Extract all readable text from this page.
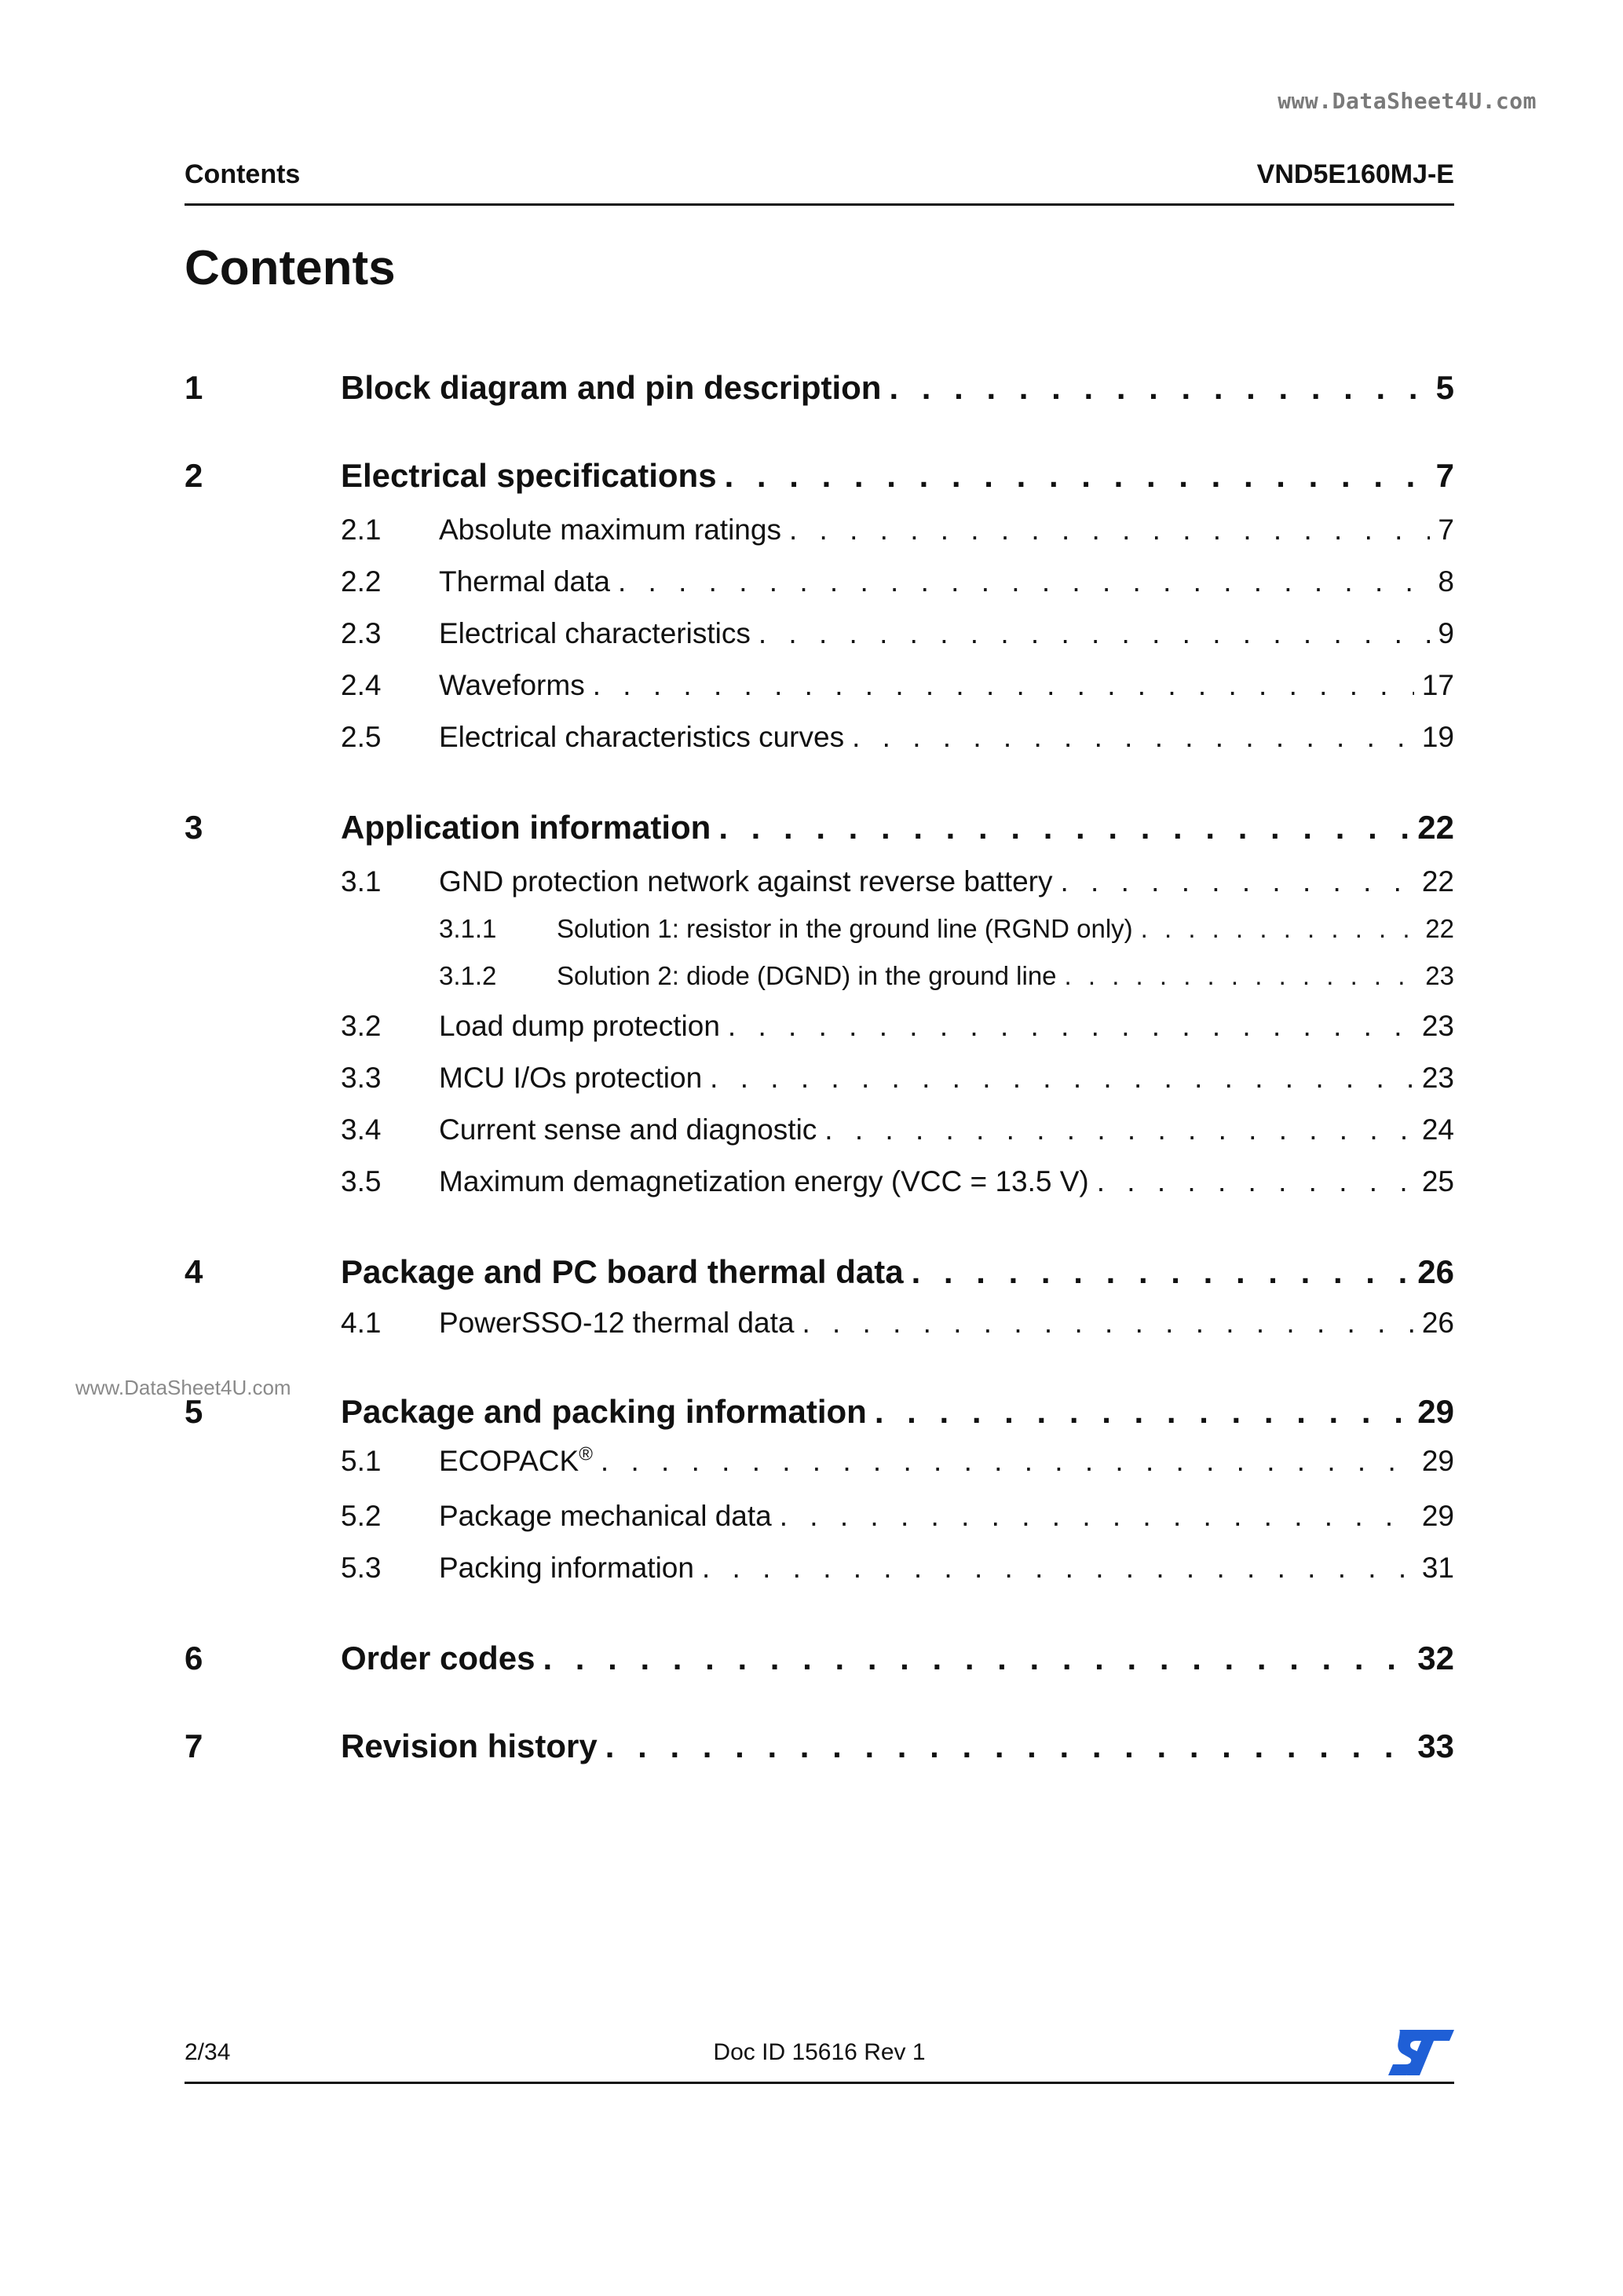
www.DataSheet4U.com
www.DataSheet4U.com
Contents	VND5E160MJ-E
Contents
1	Block diagram and pin description . . .	5
2	Electrical specifications . . .	7
2.1 Absolute maximum ratings . . .	7
2.2 Thermal data . . .	8
2.3 Electrical characteristics . . .	9
2.4 Waveforms . . .	17
2.5 Electrical characteristics curves . . .	19
3	Application information . . .	22
3.1 GND protection network against reverse battery . . .	22
3.1.1 Solution 1: resistor in the ground line (RGND only) . . .	22
3.1.2 Solution 2: diode (DGND) in the ground line . . .	23
3.2 Load dump protection . . .	23
3.3 MCU I/Os protection . . .	23
3.4 Current sense and diagnostic . . .	24
3.5 Maximum demagnetization energy (VCC = 13.5 V) . . .	25
4	Package and PC board thermal data . . .	26
4.1 PowerSSO-12 thermal data . . .	26
5	Package and packing information . . .	29
5.1 ECOPACK® . . .	29
5.2 Package mechanical data . . .	29
5.3 Packing information . . .	31
6	Order codes . . .	32
7	Revision history . . .	33
2/34	Doc ID 15616 Rev 1
